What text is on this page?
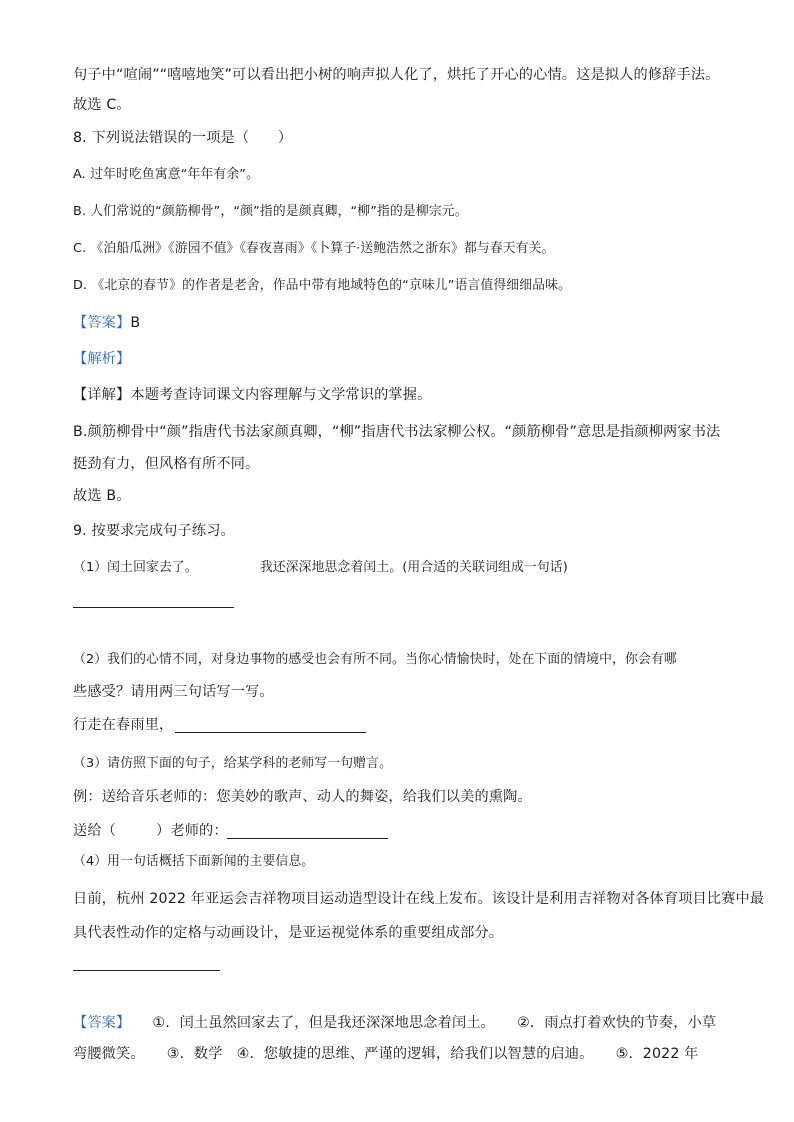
句子中“喧闹”“嘻嘻地笑”可以看出把小树的响声拟人化了，烘托了开心的心情。这是拟人的修辞手法。
故选 C。
8. 下列说法错误的一项是（　　）
A. 过年时吃鱼寓意“年年有余”。
B. 人们常说的“颜筋柳骨”，“颜”指的是颜真卿，“柳”指的是柳宗元。
C. 《泊船瓜洲》《游园不值》《春夜喜雨》《卜算子·送鲍浩然之浙东》都与春天有关。
D. 《北京的春节》的作者是老舍，作品中带有地域特色的“京味儿”语言值得细细品味。
【答案】B
【解析】
【详解】本题考查诗词课文内容理解与文学常识的掌握。
B.颜筋柳骨中“颜”指唐代书法家颜真卿，“柳”指唐代书法家柳公权。“颜筋柳骨”意思是指颜柳两家书法
挺劲有力，但风格有所不同。
故选 B。
9. 按要求完成句子练习。
（1）闰土回家去了。	我还深深地思念着闰土。(用合适的关联词组成一句话)
（2）我们的心情不同，对身边事物的感受也会有所不同。当你心情愉快时，处在下面的情境中，你会有哪
些感受？请用两三句话写一写。
行走在春雨里，
（3）请仿照下面的句子，给某学科的老师写一句赠言。
例：送给音乐老师的：您美妙的歌声、动人的舞姿，给我们以美的熏陶。
送给（	）老师的：
（4）用一句话概括下面新闻的主要信息。
日前，杭州 2022 年亚运会吉祥物项目运动造型设计在线上发布。该设计是利用吉祥物对各体育项目比赛中最
具代表性动作的定格与动画设计，是亚运视觉体系的重要组成部分。
【答案】 ①．闰土虽然回家去了，但是我还深深地思念着闰土。 ②．雨点打着欢快的节奏，小草
弯腰微笑。 ③．数学 ④．您敏捷的思维、严谨的逻辑，给我们以智慧的启迪。 ⑤．2022 年
